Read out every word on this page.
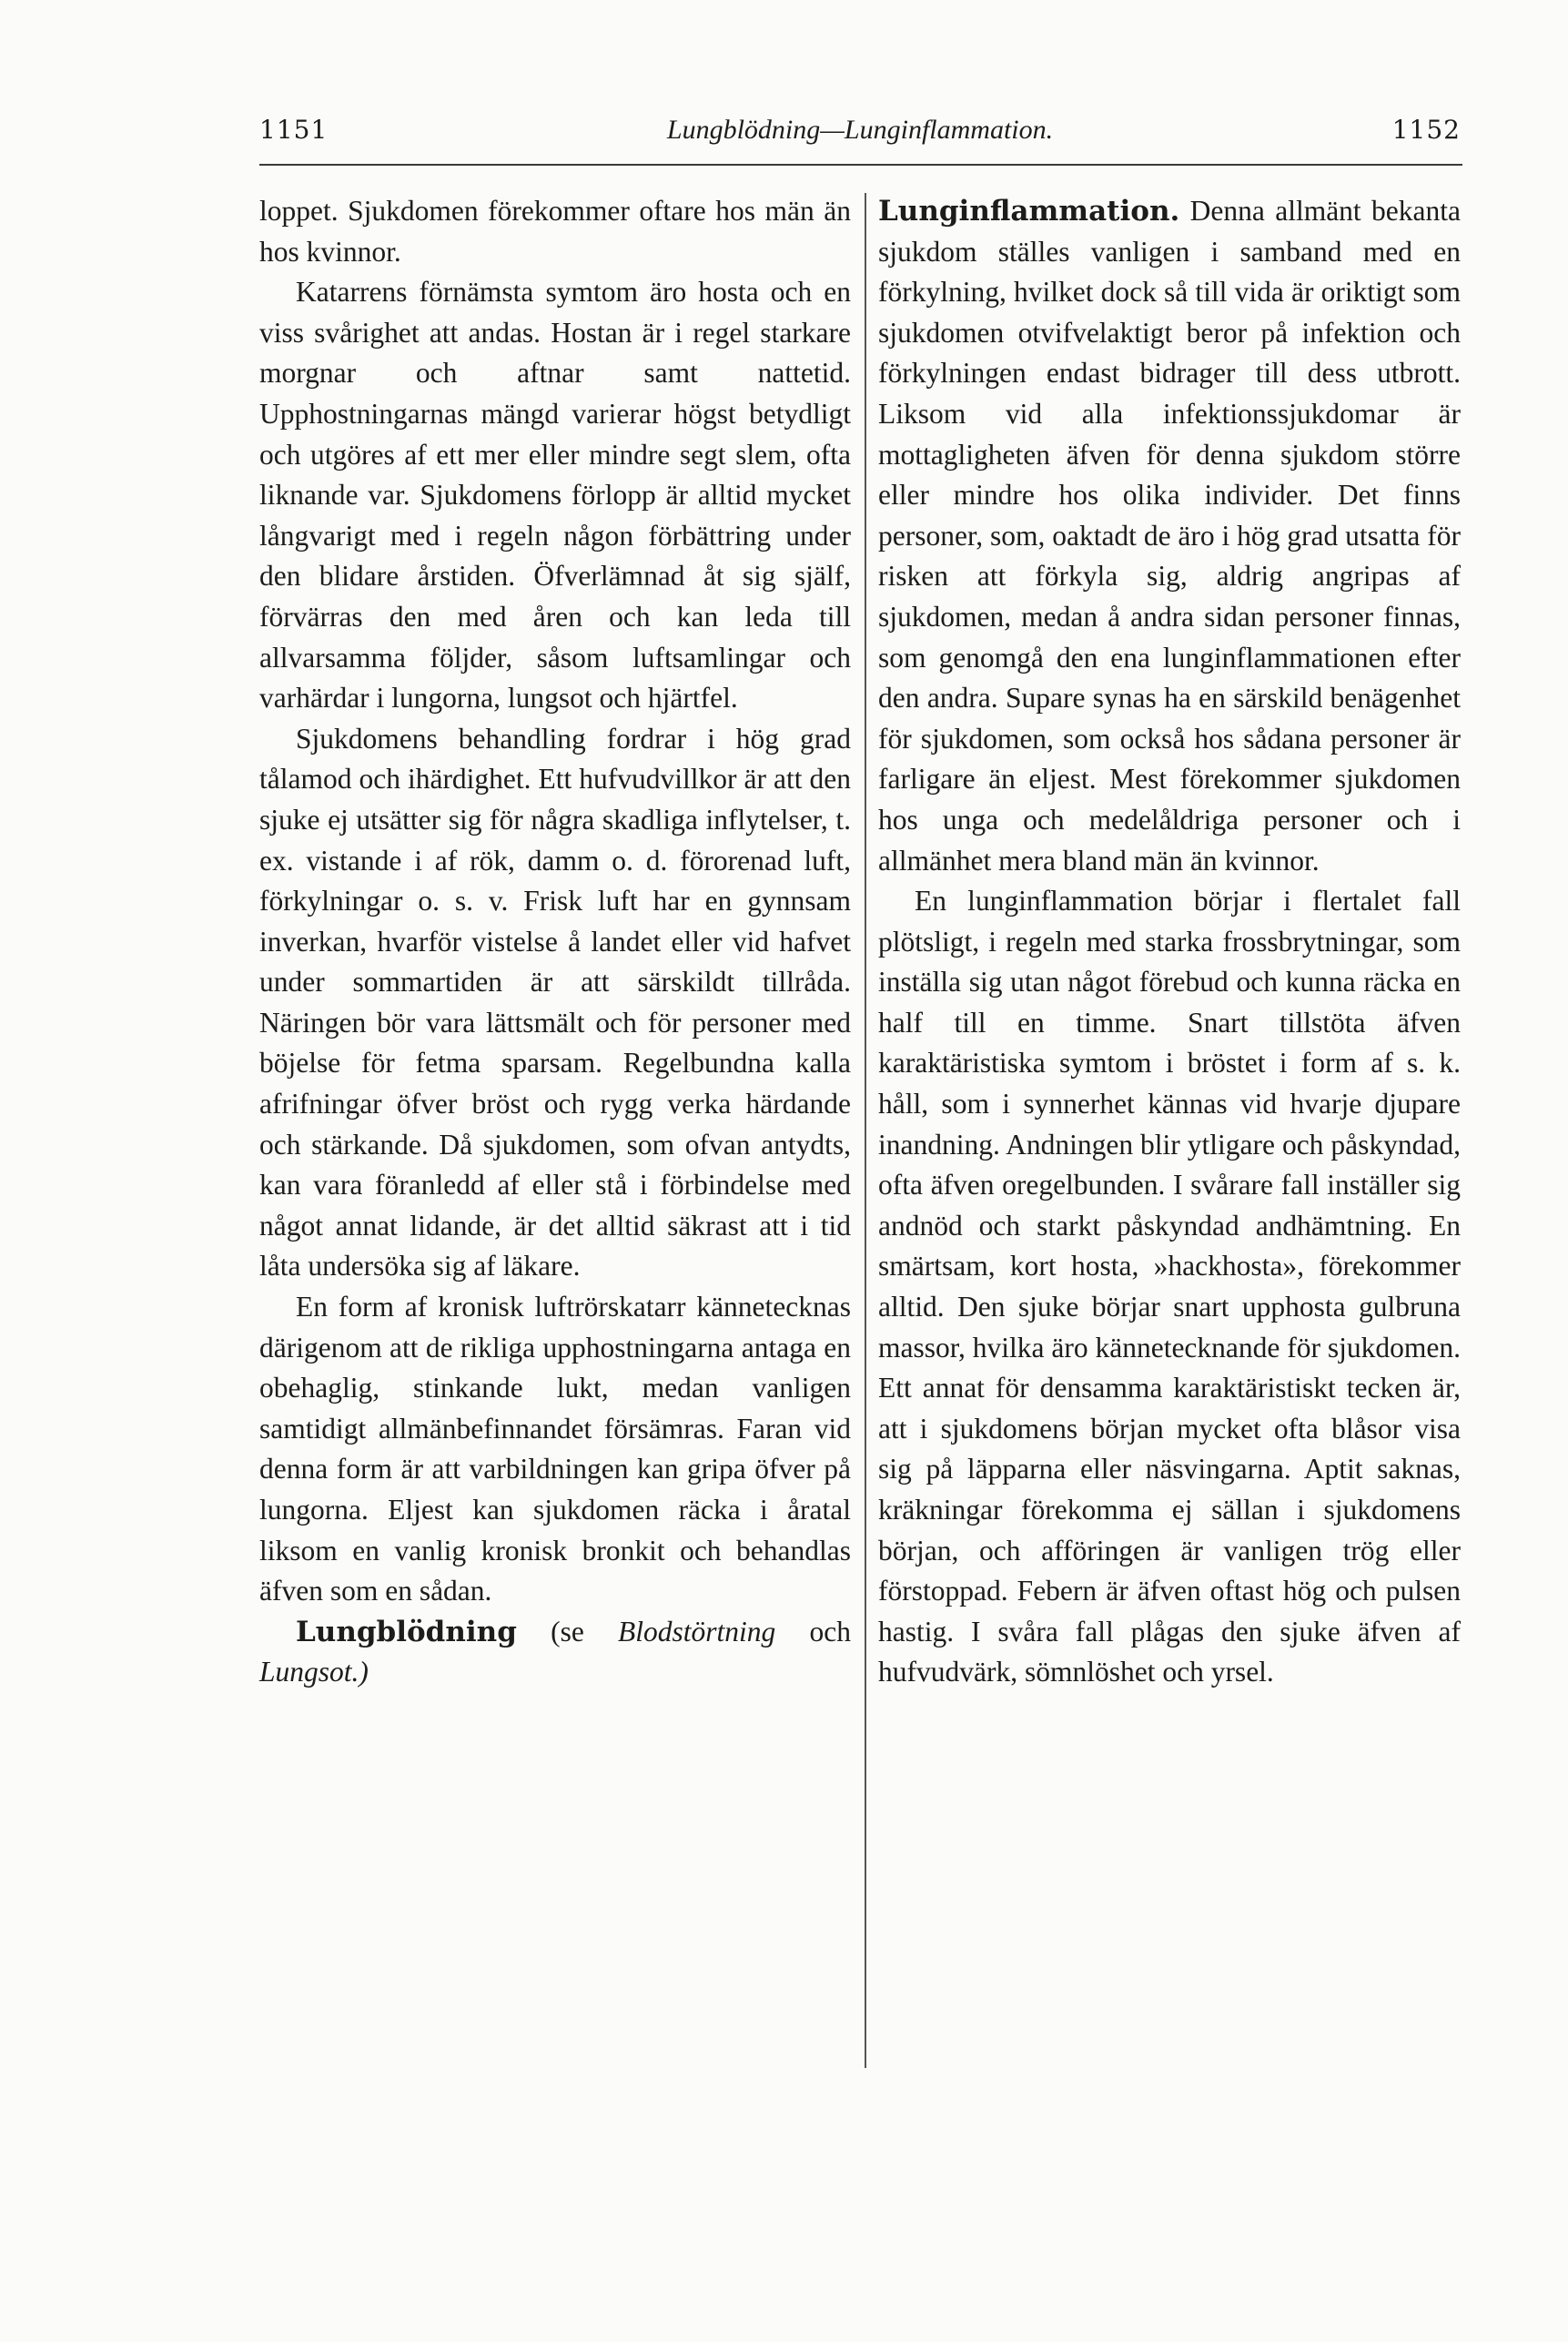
1151	Lungblödning—Lunginflammation.	1152

loppet. Sjukdomen förekommer oftare hos män än hos kvinnor.

Katarrens förnämsta symtom äro hosta och en viss svårighet att andas. Hostan är i regel starkare morgnar och aftnar samt nattetid. Upphostningarnas mängd varierar högst betydligt och utgöres af ett mer eller mindre segt slem, ofta liknande var. Sjukdomens förlopp är alltid mycket långvarigt med i regeln någon förbättring under den blidare årstiden. Öfverlämnad åt sig själf, förvärras den med åren och kan leda till allvarsamma följder, såsom luftsamlingar och varhärdar i lungorna, lungsot och hjärtfel.

Sjukdomens behandling fordrar i hög grad tålamod och ihärdighet. Ett hufvudvillkor är att den sjuke ej utsätter sig för några skadliga inflytelser, t. ex. vistande i af rök, damm o. d. förorenad luft, förkylningar o. s. v. Frisk luft har en gynnsam inverkan, hvarför vistelse å landet eller vid hafvet under sommartiden är att särskildt tillråda. Näringen bör vara lättsmält och för personer med böjelse för fetma sparsam. Regelbundna kalla afrifningar öfver bröst och rygg verka härdande och stärkande. Då sjukdomen, som ofvan antydts, kan vara föranledd af eller stå i förbindelse med något annat lidande, är det alltid säkrast att i tid låta undersöka sig af läkare.

En form af kronisk luftrörskatarr kännetecknas därigenom att de rikliga upphostningarna antaga en obehaglig, stinkande lukt, medan vanligen samtidigt allmänbefinnandet försämras. Faran vid denna form är att varbildningen kan gripa öfver på lungorna. Eljest kan sjukdomen räcka i åratal liksom en vanlig kronisk bronkit och behandlas äfven som en sådan.

Lungblödning (se Blodstörtning och Lungsot.)

Lunginflammation. Denna allmänt bekanta sjukdom ställes vanligen i samband med en förkylning, hvilket dock så till vida är oriktigt som sjukdomen otvifvelaktigt beror på infektion och förkylningen endast bidrager till dess utbrott. Liksom vid alla infektionssjukdomar är mottagligheten äfven för denna sjukdom större eller mindre hos olika individer. Det finns personer, som, oaktadt de äro i hög grad utsatta för risken att förkyla sig, aldrig angripas af sjukdomen, medan å andra sidan personer finnas, som genomgå den ena lunginflammationen efter den andra. Supare synas ha en särskild benägenhet för sjukdomen, som också hos sådana personer är farligare än eljest. Mest förekommer sjukdomen hos unga och medelåldriga personer och i allmänhet mera bland män än kvinnor.

En lunginflammation börjar i flertalet fall plötsligt, i regeln med starka frossbrytningar, som inställa sig utan något förebud och kunna räcka en half till en timme. Snart tillstöta äfven karaktäristiska symtom i bröstet i form af s. k. håll, som i synnerhet kännas vid hvarje djupare inandning. Andningen blir ytligare och påskyndad, ofta äfven oregelbunden. I svårare fall inställer sig andnöd och starkt påskyndad andhämtning. En smärtsam, kort hosta, »hackhosta», förekommer alltid. Den sjuke börjar snart upphosta gulbruna massor, hvilka äro kännetecknande för sjukdomen. Ett annat för densamma karaktäristiskt tecken är, att i sjukdomens början mycket ofta blåsor visa sig på läpparna eller näsvingarna. Aptit saknas, kräkningar förekomma ej sällan i sjukdomens början, och afföringen är vanligen trög eller förstoppad. Febern är äfven oftast hög och pulsen hastig. I svåra fall plågas den sjuke äfven af hufvudvärk, sömnlöshet och yrsel.
